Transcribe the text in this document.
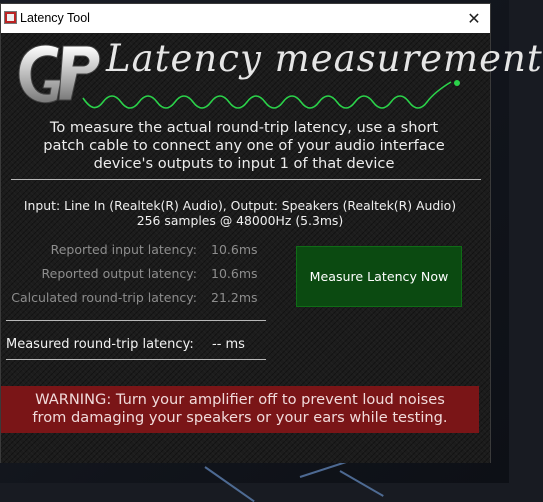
Latency Tool	✕
Latency measurement
To measure the actual round-trip latency, use a short
patch cable to connect any one of your audio interface
device's outputs to input 1 of that device
Input: Line In (Realtek(R) Audio), Output: Speakers (Realtek(R) Audio)
256 samples @ 48000Hz (5.3ms)
Reported input latency: 10.6ms
Reported output latency: 10.6ms
Calculated round-trip latency: 21.2ms
Measure Latency Now
Measured round-trip latency: -- ms
WARNING: Turn your amplifier off to prevent loud noises
from damaging your speakers or your ears while testing.
